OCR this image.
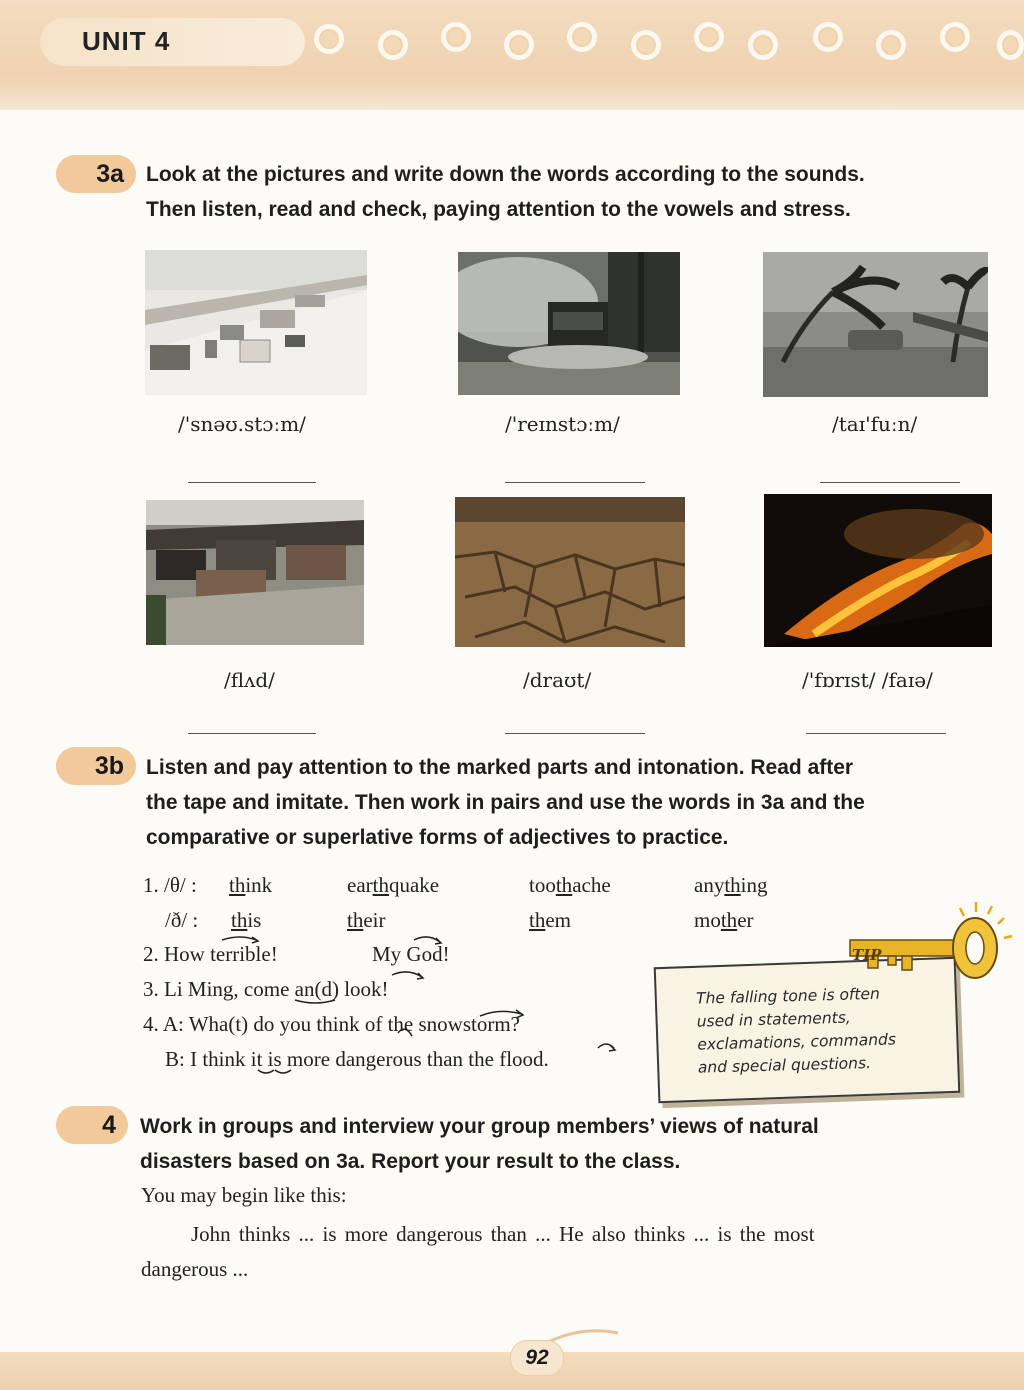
UNIT 4
3a	Look at the pictures and write down the words according to the sounds.
Then listen, read and check, paying attention to the vowels and stress.
/'snəʊ.stɔːm/	/'reɪnstɔːm/	/taɪ'fuːn/
/flʌd/	/draʊt/	/'fɒrɪst/ /faɪə/
3b	Listen and pay attention to the marked parts and intonation. Read after
the tape and imitate. Then work in pairs and use the words in 3a and the
comparative or superlative forms of adjectives to practice.
1. /θ/ : think	earthquake	toothache	anything
/ð/ : this	their	them	mother
2. How terrible!	My God!
3. Li Ming, come an(d) look!
4. A: Wha(t) do you think of the snowstorm?
B: I think it is more dangerous than the flood.
TIP
The falling tone is often
used in statements,
exclamations, commands
and special questions.
4	Work in groups and interview your group members’ views of natural
disasters based on 3a. Report your result to the class.
You may begin like this:
John thinks ... is more dangerous than ... He also thinks ... is the most
dangerous ...
92
